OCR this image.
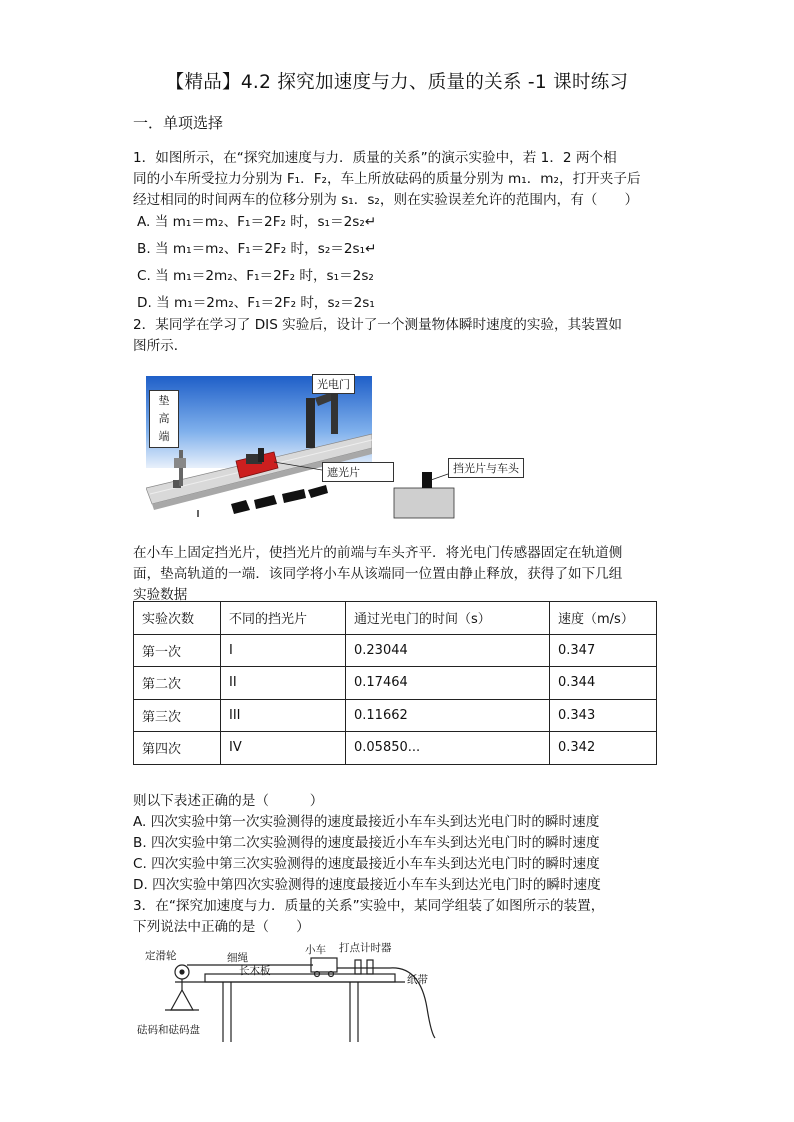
【精品】4.2 探究加速度与力、质量的关系 -1 课时练习
一．单项选择
1．如图所示，在“探究加速度与力．质量的关系”的演示实验中，若 1．2 两个相
同的小车所受拉力分别为 F₁．F₂，车上所放砝码的质量分别为 m₁．m₂，打开夹子后
经过相同的时间两车的位移分别为 s₁．s₂，则在实验误差允许的范围内，有（　　）
A. 当 m₁＝m₂、F₁＝2F₂ 时，s₁＝2s₂↵
B. 当 m₁＝m₂、F₁＝2F₂ 时，s₂＝2s₁↵
C. 当 m₁＝2m₂、F₁＝2F₂ 时，s₁＝2s₂
D. 当 m₁＝2m₂、F₁＝2F₂ 时，s₂＝2s₁
2．某同学在学习了 DIS 实验后，设计了一个测量物体瞬时速度的实验，其装置如
图所示．
垫高端
光电门
遮光片	挡光片与车头
在小车上固定挡光片，使挡光片的前端与车头齐平．将光电门传感器固定在轨道侧
面，垫高轨道的一端．该同学将小车从该端同一位置由静止释放，获得了如下几组
实验数据
实验次数	不同的挡光片	通过光电门的时间（s）	速度（m/s）
第一次	I	0.23044	0.347
第二次	II	0.17464	0.344
第三次	III	0.11662	0.343
第四次	IV	0.05850...	0.342
则以下表述正确的是（　　　）
A. 四次实验中第一次实验测得的速度最接近小车车头到达光电门时的瞬时速度
B. 四次实验中第二次实验测得的速度最接近小车车头到达光电门时的瞬时速度
C. 四次实验中第三次实验测得的速度最接近小车车头到达光电门时的瞬时速度
D. 四次实验中第四次实验测得的速度最接近小车车头到达光电门时的瞬时速度
3．在“探究加速度与力．质量的关系”实验中，某同学组装了如图所示的装置，
下列说法中正确的是（　　）
定滑轮	细绳
小车 打点计时器
长木板
纸带
砝码和砝码盘
